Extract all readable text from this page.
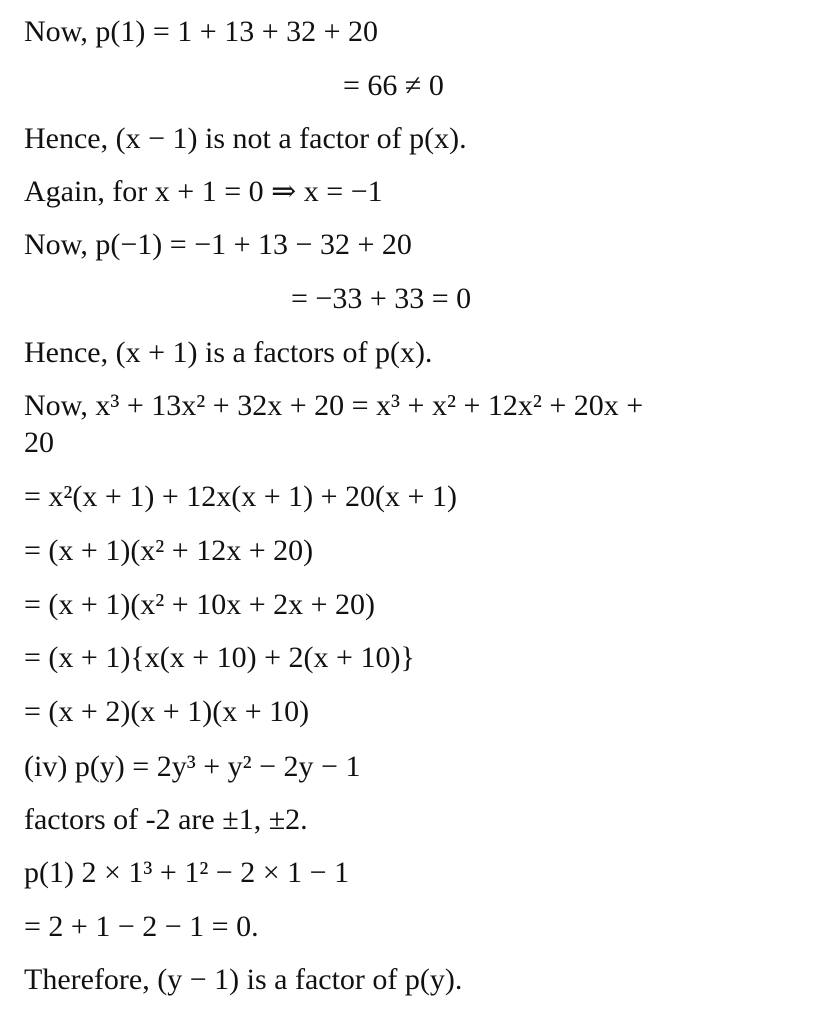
Now, p(1) = 1 + 13 + 32 + 20
= 66 ≠ 0
Hence, (x − 1) is not a factor of p(x).
Again, for x + 1 = 0 ⇒ x = −1
Now, p(−1) = −1 + 13 − 32 + 20
= −33 + 33 = 0
Hence, (x + 1) is a factors of p(x).
Now, x³ + 13x² + 32x + 20 = x³ + x² + 12x² + 20x +
20
= x²(x + 1) + 12x(x + 1) + 20(x + 1)
= (x + 1)(x² + 12x + 20)
= (x + 1)(x² + 10x + 2x + 20)
= (x + 1){x(x + 10) + 2(x + 10)}
= (x + 2)(x + 1)(x + 10)
(iv) p(y) = 2y³ + y² − 2y − 1
factors of -2 are ±1, ±2.
p(1) 2 × 1³ + 1² − 2 × 1 − 1
= 2 + 1 − 2 − 1 = 0.
Therefore, (y − 1) is a factor of p(y).
